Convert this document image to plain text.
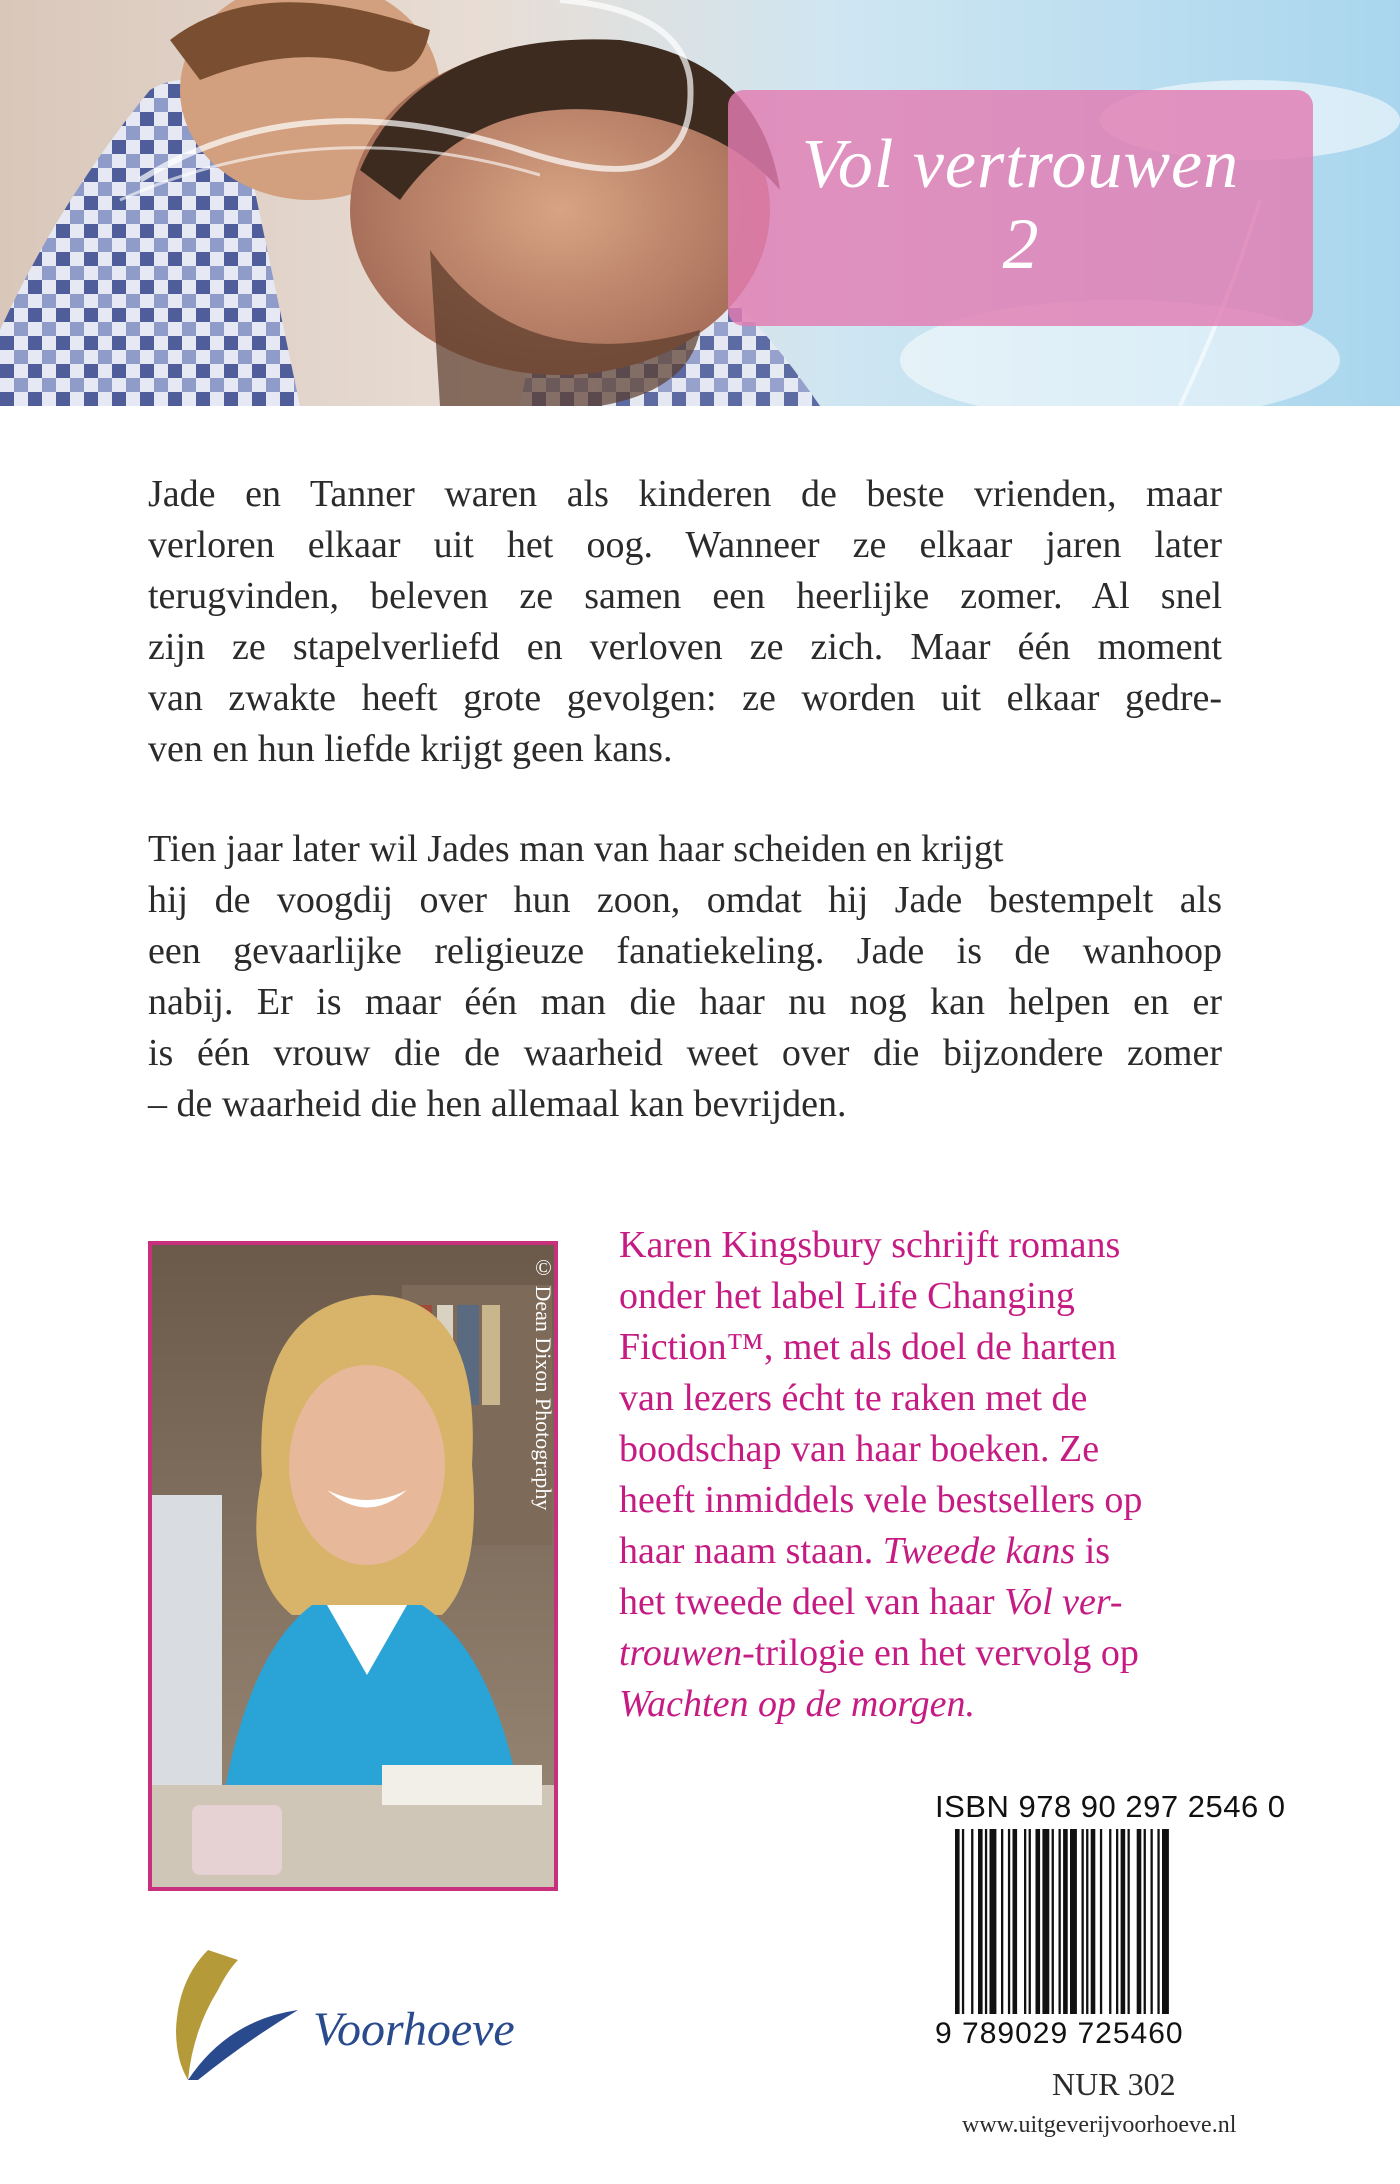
Vol vertrouwen
2
Jade en Tanner waren als kinderen de beste vrienden, maar
verloren elkaar uit het oog. Wanneer ze elkaar jaren later
terugvinden, beleven ze samen een heerlijke zomer. Al snel
zijn ze stapelverliefd en verloven ze zich. Maar één moment
van zwakte heeft grote gevolgen: ze worden uit elkaar gedre-
ven en hun liefde krijgt geen kans.
Tien jaar later wil Jades man van haar scheiden en krijgt
hij de voogdij over hun zoon, omdat hij Jade bestempelt als
een gevaarlijke religieuze fanatiekeling. Jade is de wanhoop
nabij. Er is maar één man die haar nu nog kan helpen en er
is één vrouw die de waarheid weet over die bijzondere zomer
– de waarheid die hen allemaal kan bevrijden.
© Dean Dixon Photography
Karen Kingsbury schrijft romans
onder het label Life Changing
Fiction™, met als doel de harten
van lezers écht te raken met de
boodschap van haar boeken. Ze
heeft inmiddels vele bestsellers op
haar naam staan. Tweede kans is
het tweede deel van haar Vol ver-
trouwen-trilogie en het vervolg op
Wachten op de morgen.
Voorhoeve
ISBN 978 90 297 2546 0
9 789029 725460
NUR 302
www.uitgeverijvoorhoeve.nl
